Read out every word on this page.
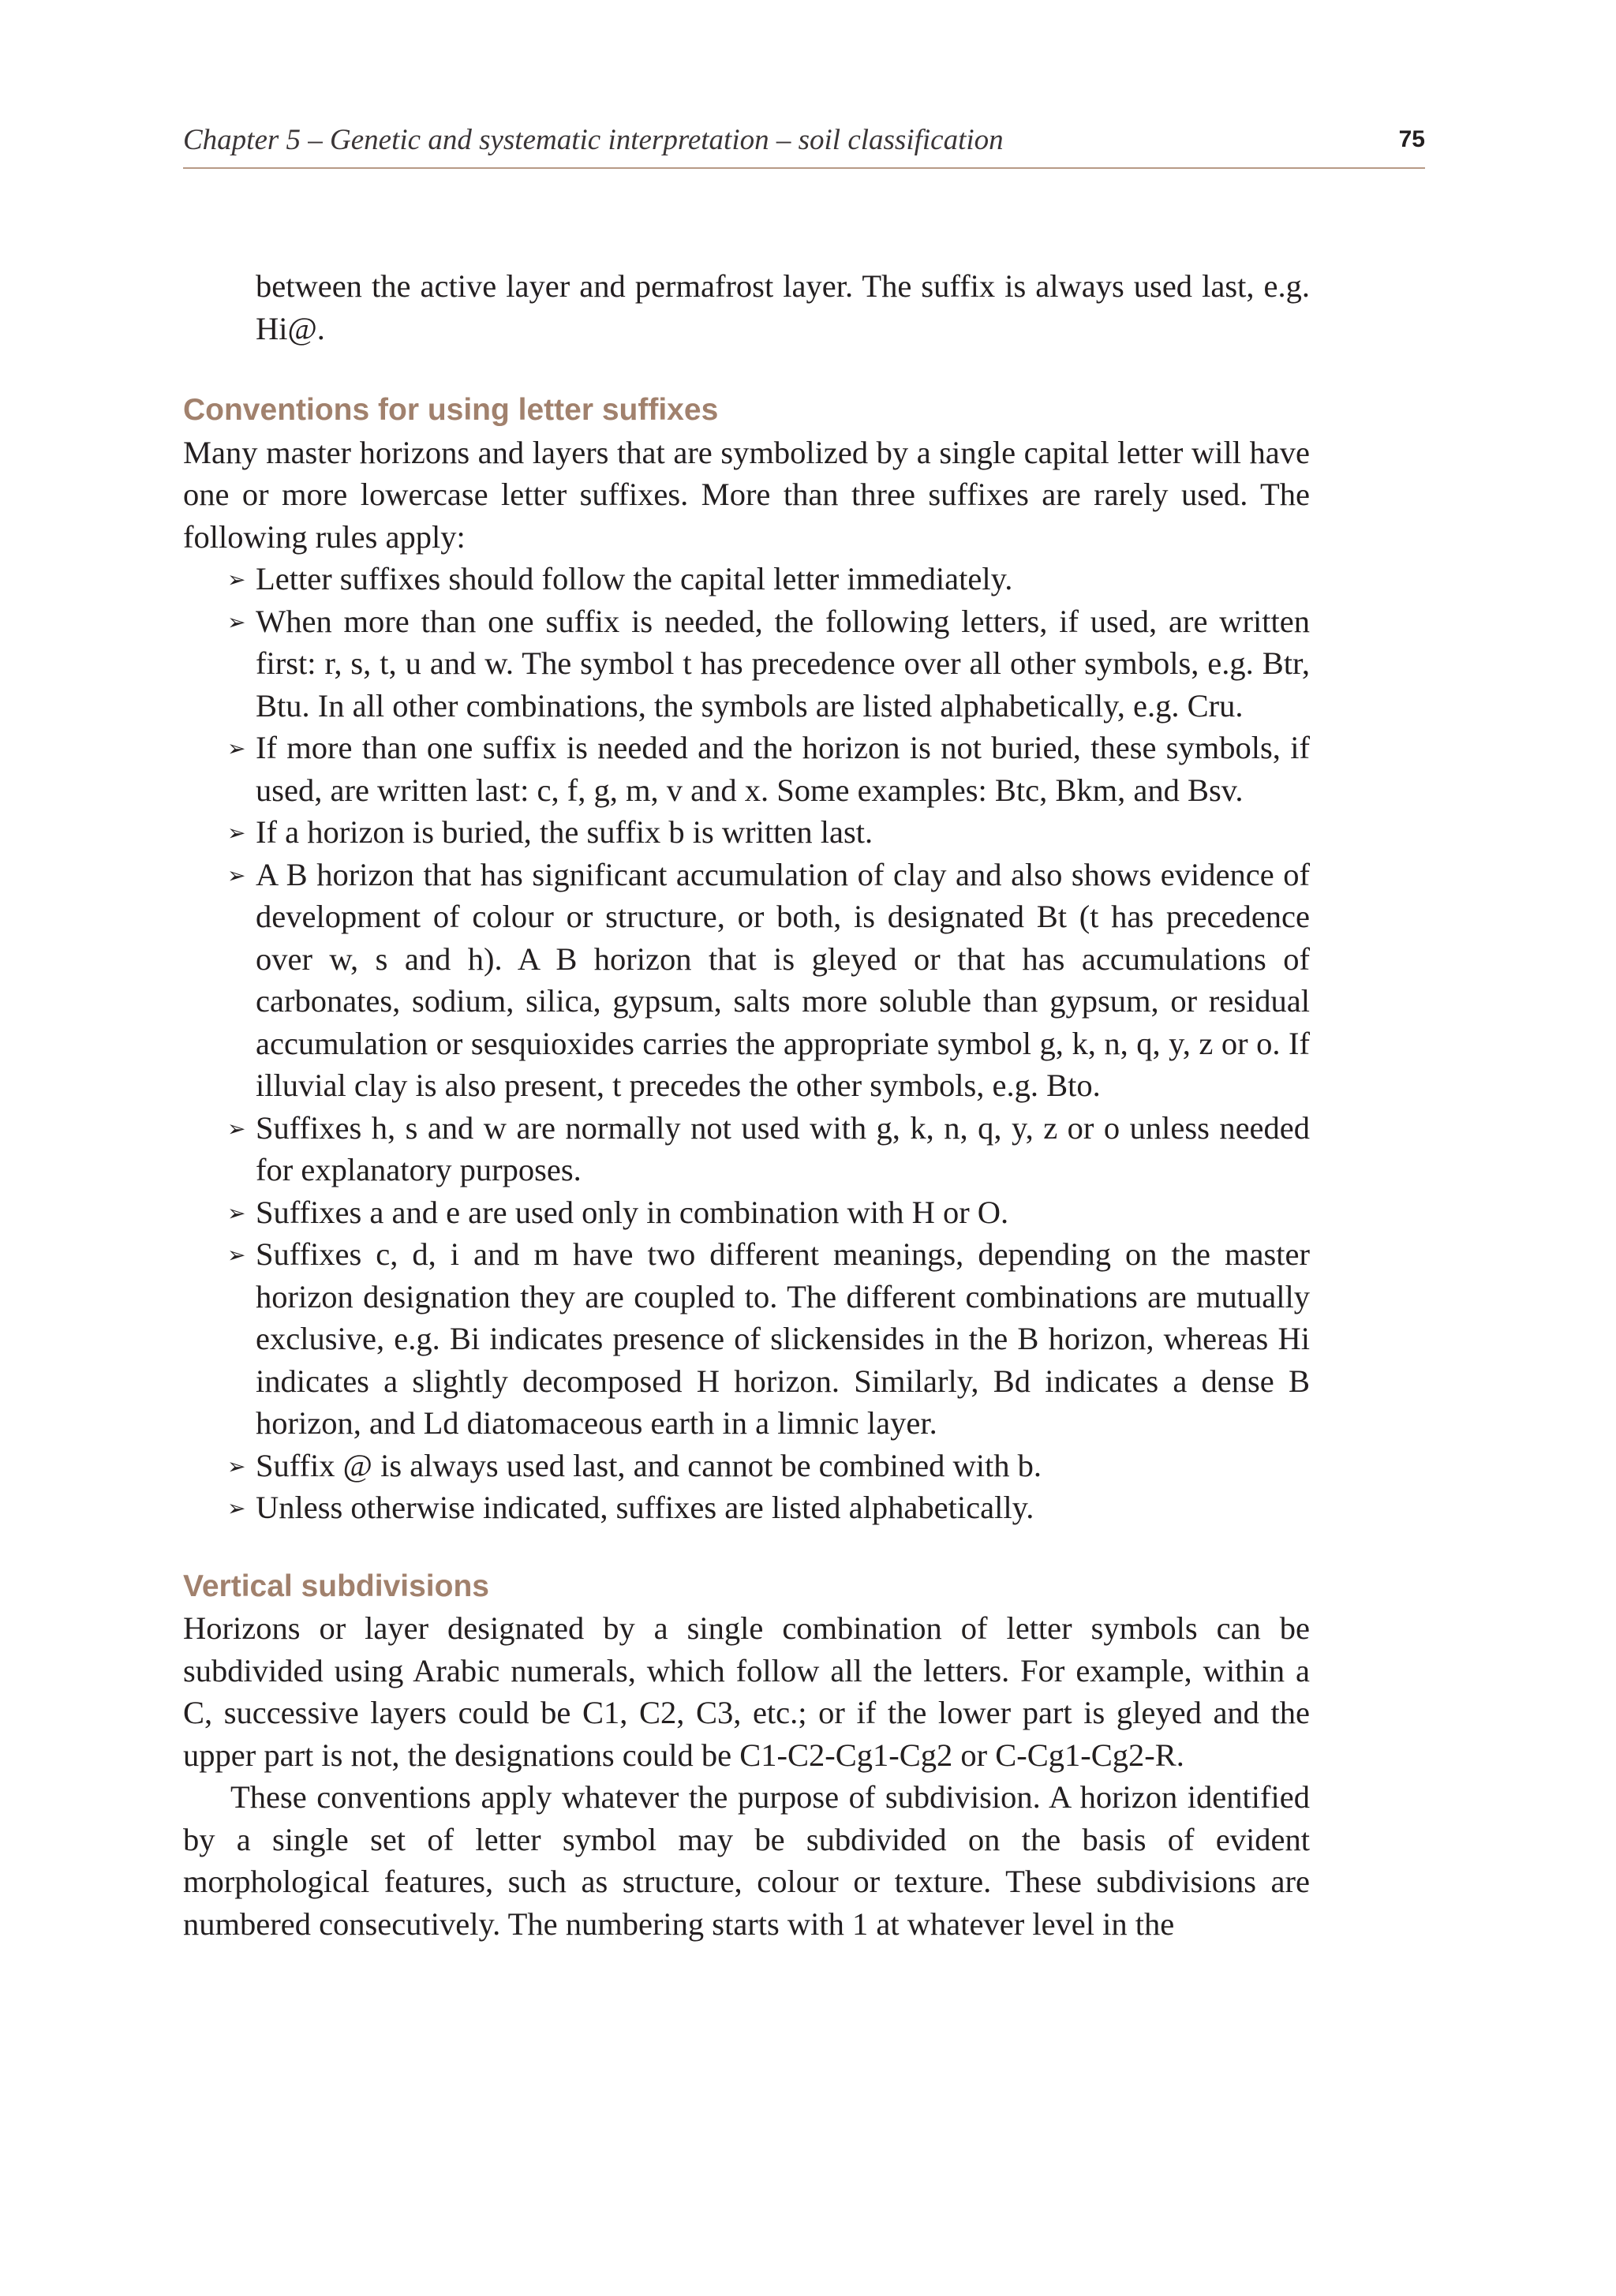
Chapter 5 – Genetic and systematic interpretation – soil classification	75

between the active layer and permafrost layer. The suffix is always used last, e.g. Hi@.

Conventions for using letter suffixes

Many master horizons and layers that are symbolized by a single capital letter will have one or more lowercase letter suffixes. More than three suffixes are rarely used. The following rules apply:

➢ Letter suffixes should follow the capital letter immediately.
➢ When more than one suffix is needed, the following letters, if used, are written first: r, s, t, u and w. The symbol t has precedence over all other symbols, e.g. Btr, Btu. In all other combinations, the symbols are listed alphabetically, e.g. Cru.
➢ If more than one suffix is needed and the horizon is not buried, these symbols, if used, are written last: c, f, g, m, v and x. Some examples: Btc, Bkm, and Bsv.
➢ If a horizon is buried, the suffix b is written last.
➢ A B horizon that has significant accumulation of clay and also shows evidence of development of colour or structure, or both, is designated Bt (t has precedence over w, s and h). A B horizon that is gleyed or that has accumulations of carbonates, sodium, silica, gypsum, salts more soluble than gypsum, or residual accumulation or sesquioxides carries the appropriate symbol g, k, n, q, y, z or o. If illuvial clay is also present, t precedes the other symbols, e.g. Bto.
➢ Suffixes h, s and w are normally not used with g, k, n, q, y, z or o unless needed for explanatory purposes.
➢ Suffixes a and e are used only in combination with H or O.
➢ Suffixes c, d, i and m have two different meanings, depending on the master horizon designation they are coupled to. The different combinations are mutually exclusive, e.g. Bi indicates presence of slickensides in the B horizon, whereas Hi indicates a slightly decomposed H horizon. Similarly, Bd indicates a dense B horizon, and Ld diatomaceous earth in a limnic layer.
➢ Suffix @ is always used last, and cannot be combined with b.
➢ Unless otherwise indicated, suffixes are listed alphabetically.
Vertical subdivisions

Horizons or layer designated by a single combination of letter symbols can be subdivided using Arabic numerals, which follow all the letters. For example, within a C, successive layers could be C1, C2, C3, etc.; or if the lower part is gleyed and the upper part is not, the designations could be C1-C2-Cg1-Cg2 or C-Cg1-Cg2-R.

These conventions apply whatever the purpose of subdivision. A horizon identified by a single set of letter symbol may be subdivided on the basis of evident morphological features, such as structure, colour or texture. These subdivisions are numbered consecutively. The numbering starts with 1 at whatever level in the
